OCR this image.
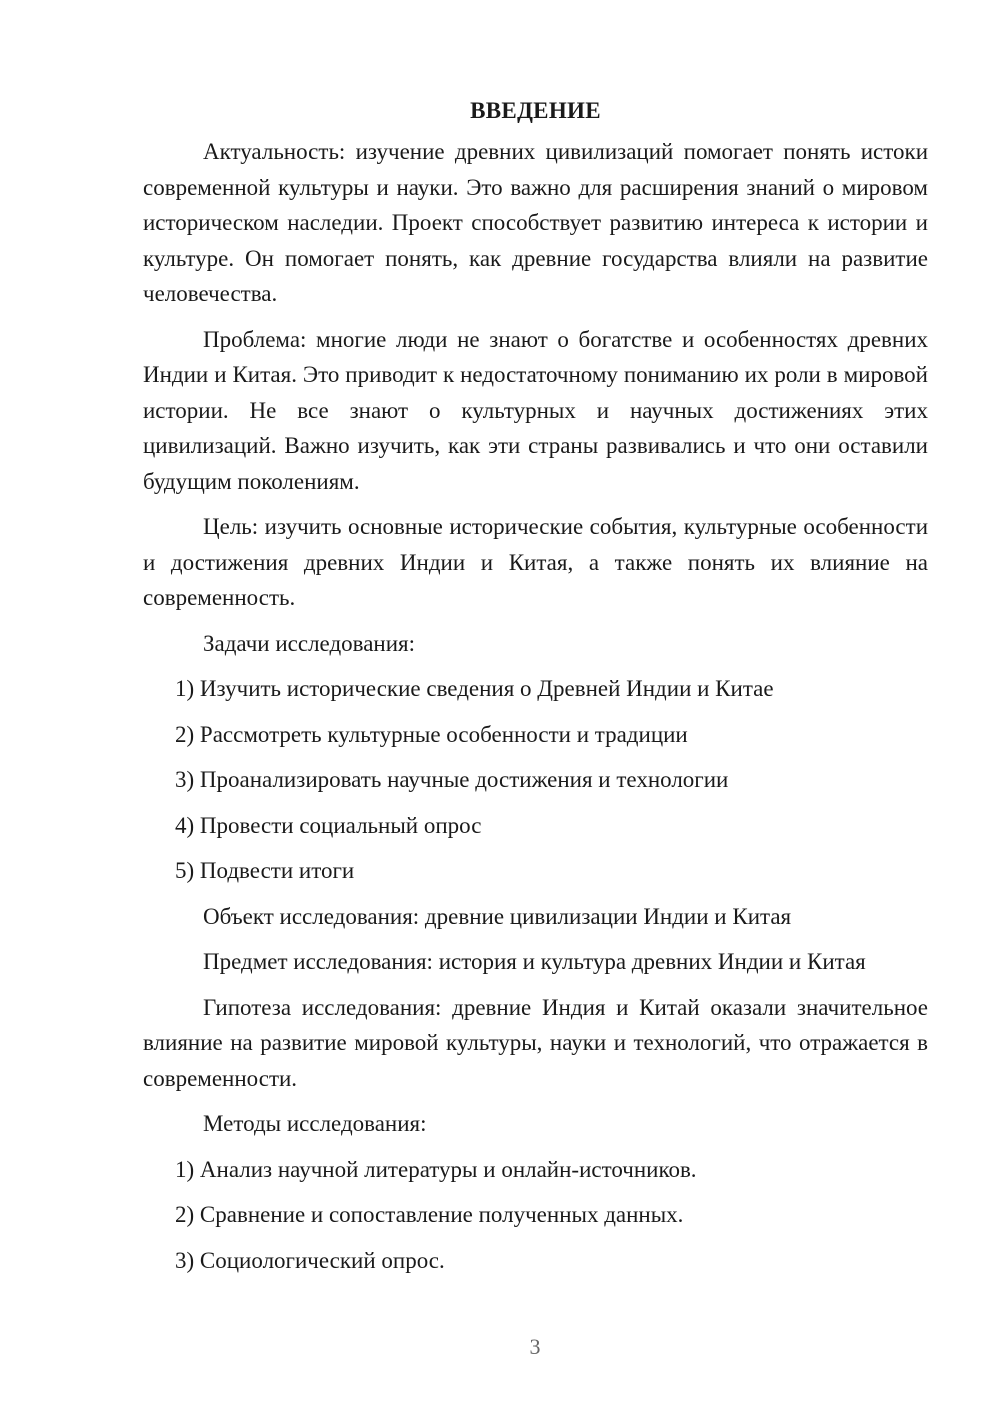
ВВЕДЕНИЕ

Актуальность: изучение древних цивилизаций помогает понять истоки современной культуры и науки. Это важно для расширения знаний о мировом историческом наследии. Проект способствует развитию интереса к истории и культуре. Он помогает понять, как древние государства влияли на развитие человечества.

Проблема: многие люди не знают о богатстве и особенностях древних Индии и Китая. Это приводит к недостаточному пониманию их роли в мировой истории. Не все знают о культурных и научных достижениях этих цивилизаций. Важно изучить, как эти страны развивались и что они оставили будущим поколениям.

Цель: изучить основные исторические события, культурные особенности и достижения древних Индии и Китая, а также понять их влияние на современность.

Задачи исследования:
1) Изучить исторические сведения о Древней Индии и Китае
2) Рассмотреть культурные особенности и традиции
3) Проанализировать научные достижения и технологии
4) Провести социальный опрос
5) Подвести итоги
Объект исследования: древние цивилизации Индии и Китая
Предмет исследования: история и культура древних Индии и Китая

Гипотеза исследования: древние Индия и Китай оказали значительное влияние на развитие мировой культуры, науки и технологий, что отражается в современности.

Методы исследования:
1) Анализ научной литературы и онлайн-источников.
2) Сравнение и сопоставление полученных данных.
3) Социологический опрос.
3
